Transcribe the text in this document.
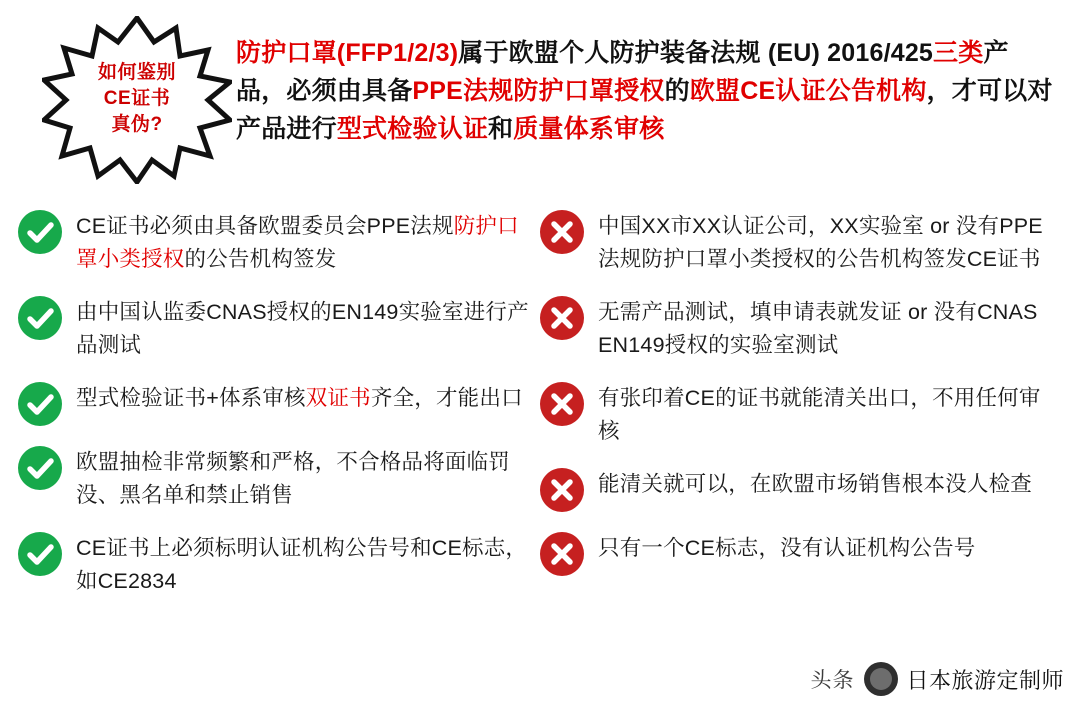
如何鉴别
CE证书
真伪?
防护口罩(FFP1/2/3)属于欧盟个人防护装备法规 (EU) 2016/425三类产品，必须由具备PPE法规防护口罩授权的欧盟CE认证公告机构，才可以对产品进行型式检验认证和质量体系审核
CE证书必须由具备欧盟委员会PPE法规防护口罩小类授权的公告机构签发
由中国认监委CNAS授权的EN149实验室进行产品测试
型式检验证书+体系审核双证书齐全，才能出口
欧盟抽检非常频繁和严格，不合格品将面临罚没、黑名单和禁止销售
CE证书上必须标明认证机构公告号和CE标志，如CE2834
中国XX市XX认证公司，XX实验室 or 没有PPE法规防护口罩小类授权的公告机构签发CE证书
无需产品测试，填申请表就发证 or 没有CNAS EN149授权的实验室测试
有张印着CE的证书就能清关出口，不用任何审核
能清关就可以，在欧盟市场销售根本没人检查
只有一个CE标志，没有认证机构公告号
头条 日本旅游定制师
